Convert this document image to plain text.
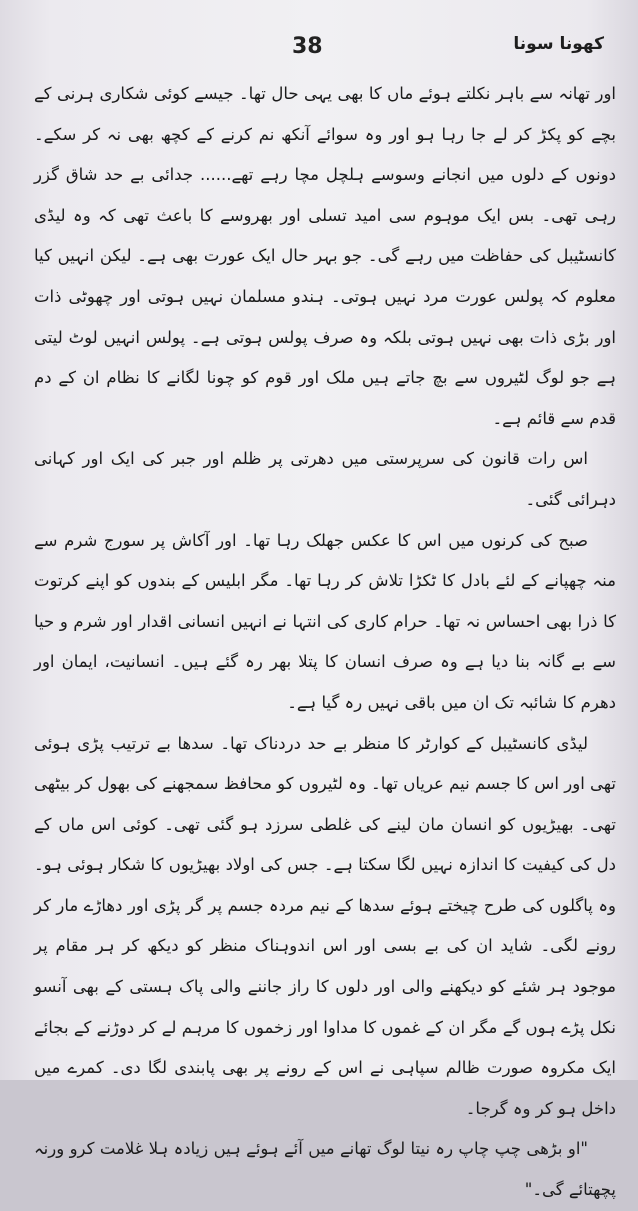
38	کھونا سونا

اور تھانہ سے باہر نکلتے ہوئے ماں کا بھی یہی حال تھا۔ جیسے کوئی شکاری ہرنی کے بچے کو پکڑ کر لے جا رہا ہو اور وہ سوائے آنکھ نم کرنے کے کچھ بھی نہ کر سکے۔ دونوں کے دلوں میں انجانے وسوسے ہلچل مچا رہے تھے...... جدائی بے حد شاق گزر رہی تھی۔ بس ایک موہوم سی امید تسلی اور بھروسے کا باعث تھی کہ وہ لیڈی کانسٹیبل کی حفاظت میں رہے گی۔ جو بہر حال ایک عورت بھی ہے۔ لیکن انہیں کیا معلوم کہ پولس عورت مرد نہیں ہوتی۔ ہندو مسلمان نہیں ہوتی اور چھوٹی ذات اور بڑی ذات بھی نہیں ہوتی بلکہ وہ صرف پولس ہوتی ہے۔ پولس انہیں لوٹ لیتی ہے جو لوگ لٹیروں سے بچ جاتے ہیں ملک اور قوم کو چونا لگانے کا نظام ان کے دم قدم سے قائم ہے۔

اس رات قانون کی سرپرستی میں دھرتی پر ظلم اور جبر کی ایک اور کہانی دہرائی گئی۔

صبح کی کرنوں میں اس کا عکس جھلک رہا تھا۔ اور آکاش پر سورج شرم سے منہ چھپانے کے لئے بادل کا ٹکڑا تلاش کر رہا تھا۔ مگر ابلیس کے بندوں کو اپنے کرتوت کا ذرا بھی احساس نہ تھا۔ حرام کاری کی انتہا نے انہیں انسانی اقدار اور شرم و حیا سے بے گانہ بنا دیا ہے وہ صرف انسان کا پتلا بھر رہ گئے ہیں۔ انسانیت، ایمان اور دھرم کا شائبہ تک ان میں باقی نہیں رہ گیا ہے۔

لیڈی کانسٹیبل کے کوارٹر کا منظر بے حد دردناک تھا۔ سدھا بے ترتیب پڑی ہوئی تھی اور اس کا جسم نیم عریاں تھا۔ وہ لٹیروں کو محافظ سمجھنے کی بھول کر بیٹھی تھی۔ بھیڑیوں کو انسان مان لینے کی غلطی سرزد ہو گئی تھی۔ کوئی اس ماں کے دل کی کیفیت کا اندازہ نہیں لگا سکتا ہے۔ جس کی اولاد بھیڑیوں کا شکار ہوئی ہو۔ وہ پاگلوں کی طرح چیختے ہوئے سدھا کے نیم مردہ جسم پر گر پڑی اور دھاڑے مار کر رونے لگی۔ شاید ان کی بے بسی اور اس اندوہناک منظر کو دیکھ کر ہر مقام پر موجود ہر شئے کو دیکھنے والی اور دلوں کا راز جاننے والی پاک ہستی کے بھی آنسو نکل پڑے ہوں گے مگر ان کے غموں کا مداوا اور زخموں کا مرہم لے کر دوڑنے کے بجائے ایک مکروہ صورت ظالم سپاہی نے اس کے رونے پر بھی پابندی لگا دی۔ کمرے میں داخل ہو کر وہ گرجا۔

"او بڑھی چپ چاپ رہ نیتا لوگ تھانے میں آئے ہوئے ہیں زیادہ ہلا غلامت کرو ورنہ پچھتائے گی۔"
